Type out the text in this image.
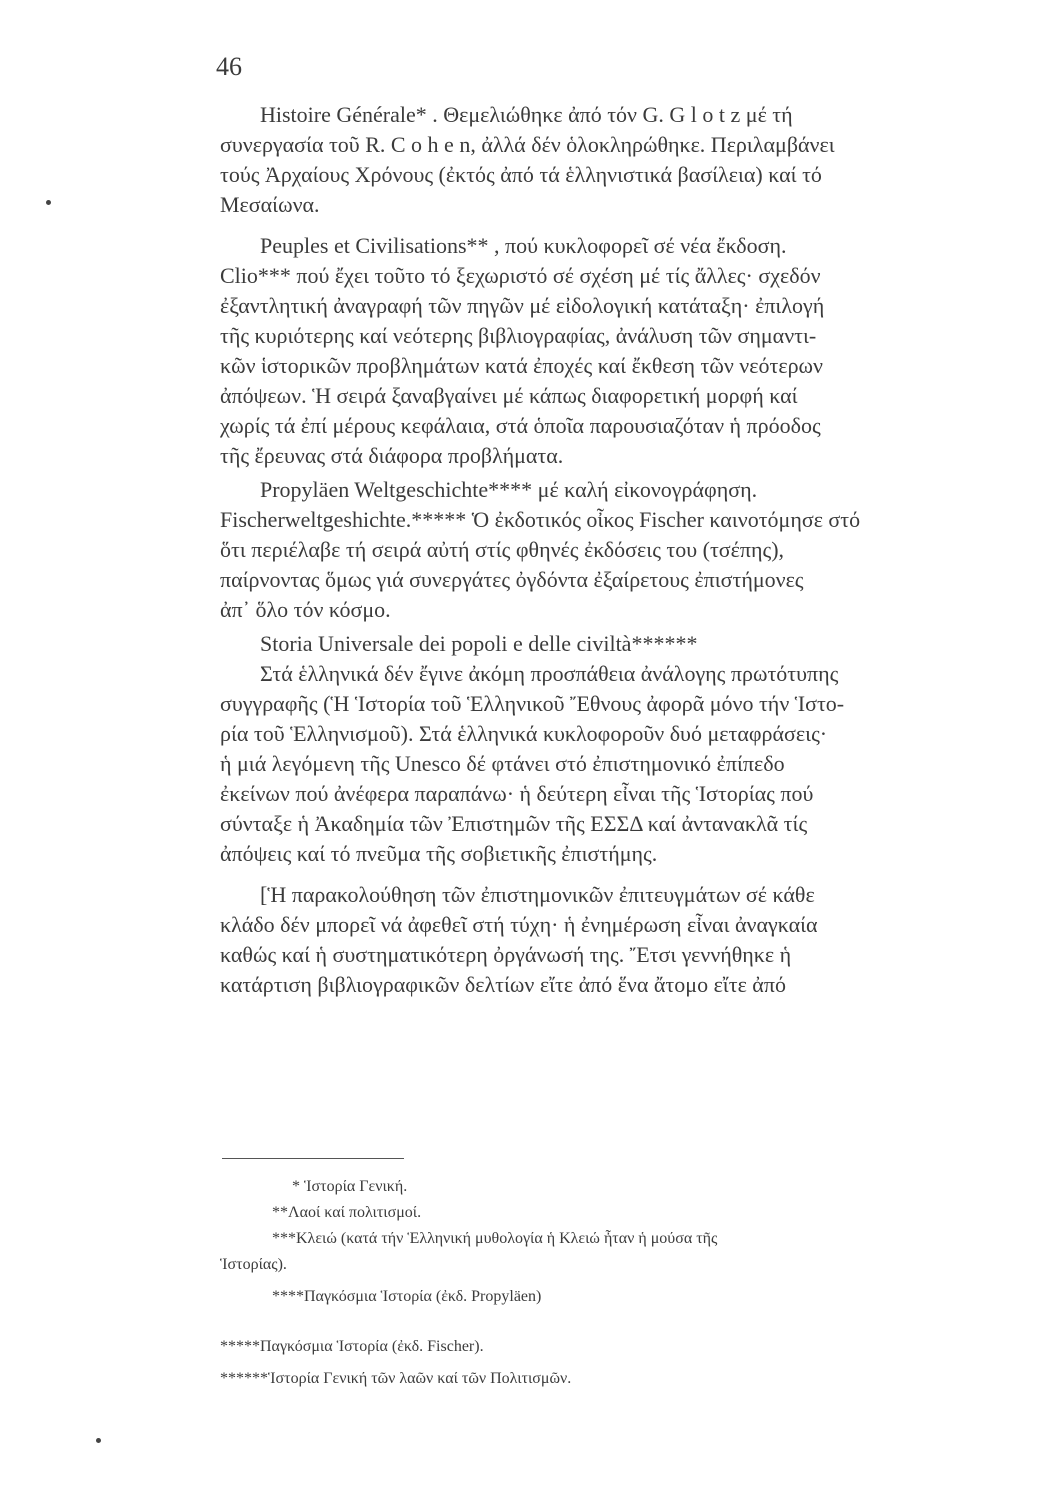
46
Histoire Générale* . Θεμελιώθηκε ἀπό τόν G. G l o t z μέ τή
συνεργασία τοῦ R. C o h e n, ἀλλά δέν ὁλοκληρώθηκε. Περιλαμβάνει
τούς Ἀρχαίους Χρόνους (ἐκτός ἀπό τά ἑλληνιστικά βασίλεια) καί τό
Μεσαίωνα.
Peuples et Civilisations** , πού κυκλοφορεῖ σέ νέα ἔκδοση.
Clio*** πού ἔχει τοῦτο τό ξεχωριστό σέ σχέση μέ τίς ἄλλες· σχεδόν
ἐξαντλητική ἀναγραφή τῶν πηγῶν μέ εἰδολογική κατάταξη· ἐπιλογή
τῆς κυριότερης καί νεότερης βιβλιογραφίας, ἀνάλυση τῶν σημαντι-
κῶν ἱστορικῶν προβλημάτων κατά ἐποχές καί ἔκθεση τῶν νεότερων
ἀπόψεων. Ἡ σειρά ξαναβγαίνει μέ κάπως διαφορετική μορφή καί
χωρίς τά ἐπί μέρους κεφάλαια, στά ὁποῖα παρουσιαζόταν ἡ πρόοδος
τῆς ἔρευνας στά διάφορα προβλήματα.
Propyläen Weltgeschichte**** μέ καλή εἰκονογράφηση.
Fischerweltgeshichte.***** Ὁ ἐκδοτικός οἶκος Fischer καινοτόμησε στό
ὅτι περιέλαβε τή σειρά αὐτή στίς φθηνές ἐκδόσεις του (τσέπης),
παίρνοντας ὅμως γιά συνεργάτες ὀγδόντα ἐξαίρετους ἐπιστήμονες
ἀπ᾽ ὅλο τόν κόσμο.
Storia Universale dei popoli e delle civiltà******
Στά ἑλληνικά δέν ἔγινε ἀκόμη προσπάθεια ἀνάλογης πρωτότυπης
συγγραφῆς (Ἡ Ἱστορία τοῦ Ἑλληνικοῦ Ἔθνους ἀφορᾶ μόνο τήν Ἱστο-
ρία τοῦ Ἑλληνισμοῦ). Στά ἑλληνικά κυκλοφοροῦν δυό μεταφράσεις·
ἡ μιά λεγόμενη τῆς Unesco δέ φτάνει στό ἐπιστημονικό ἐπίπεδο
ἐκείνων πού ἀνέφερα παραπάνω· ἡ δεύτερη εἶναι τῆς Ἱστορίας πού
σύνταξε ἡ Ἀκαδημία τῶν Ἐπιστημῶν τῆς ΕΣΣΔ καί ἀντανακλᾶ τίς
ἀπόψεις καί τό πνεῦμα τῆς σοβιετικῆς ἐπιστήμης.
[Ἡ παρακολούθηση τῶν ἐπιστημονικῶν ἐπιτευγμάτων σέ κάθε
κλάδο δέν μπορεῖ νά ἀφεθεῖ στή τύχη· ἡ ἐνημέρωση εἶναι ἀναγκαία
καθώς καί ἡ συστηματικότερη ὀργάνωσή της. Ἔτσι γεννήθηκε ἡ
κατάρτιση βιβλιογραφικῶν δελτίων εἴτε ἀπό ἕνα ἄτομο εἴτε ἀπό
* Ἱστορία Γενική.
**Λαοί καί πολιτισμοί.
***Κλειώ (κατά τήν Ἑλληνική μυθολογία ἡ Κλειώ ἦταν ἡ μούσα τῆς
Ἱστορίας).
****Παγκόσμια Ἱστορία (ἐκδ. Propyläen)
*****Παγκόσμια Ἱστορία (ἐκδ. Fischer).
******Ἱστορία Γενική τῶν λαῶν καί τῶν Πολιτισμῶν.
